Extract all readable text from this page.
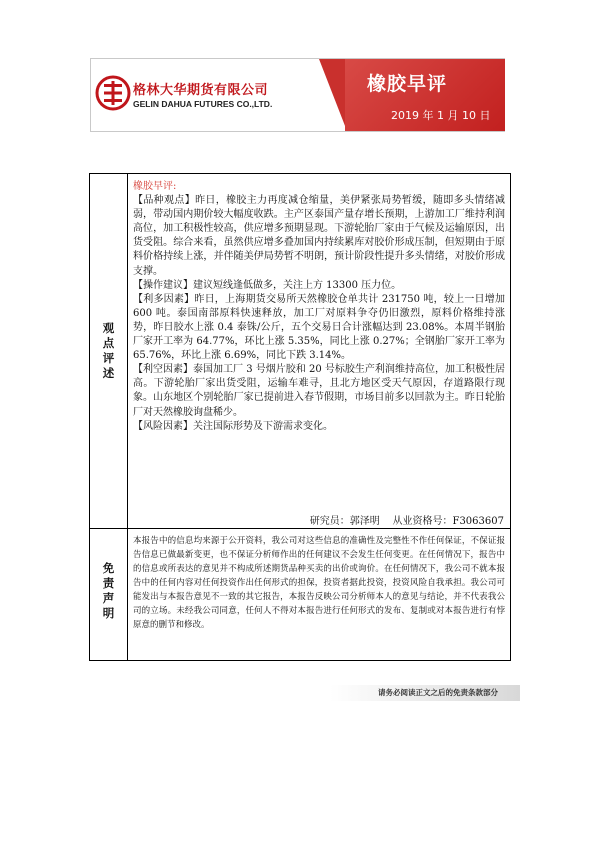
格林大华期货有限公司
GELIN DAHUA FUTURES CO.,LTD.
橡胶早评
2019 年 1 月 10 日
观
点
评
述

橡胶早评:

【品种观点】昨日，橡胶主力再度减仓缩量，美伊紧张局势暂缓，随即多头情绪减弱，带动国内期价较大幅度收跌。主产区泰国产量存增长预期，上游加工厂维持利润高位，加工积极性较高，供应增多预期显现。下游轮胎厂家由于气候及运输原因，出货受阻。综合来看，虽然供应增多叠加国内持续累库对胶价形成压制，但短期由于原料价格持续上涨，并伴随美伊局势暂不明朗，预计阶段性提升多头情绪，对胶价形成支撑。

【操作建议】建议短线逢低做多，关注上方 13300 压力位。

【利多因素】昨日，上海期货交易所天然橡胶仓单共计 231750 吨，较上一日增加 600 吨。泰国南部原料快速释放，加工厂对原料争夺仍旧激烈，原料价格维持涨势，昨日胶水上涨 0.4 泰铢/公斤，五个交易日合计涨幅达到 23.08%。本周半钢胎厂家开工率为 64.77%，环比上涨 5.35%，同比上涨 0.27%；全钢胎厂家开工率为 65.76%，环比上涨 6.69%，同比下跌 3.14%。

【利空因素】泰国加工厂 3 号烟片胶和 20 号标胶生产利润维持高位，加工积极性居高。下游轮胎厂家出货受阻，运输车难寻，且北方地区受天气原因，存道路限行现象。山东地区个别轮胎厂家已提前进入春节假期，市场目前多以回款为主。昨日轮胎厂对天然橡胶询盘稀少。

【风险因素】关注国际形势及下游需求变化。

研究员：郭泽明    从业资格号：F3063607
免
责
声
明
本报告中的信息均来源于公开资料，我公司对这些信息的准确性及完整性不作任何保证，不保证报告信息已做最新变更，也不保证分析师作出的任何建议不会发生任何变更。在任何情况下，报告中的信息或所表达的意见并不构成所述期货品种买卖的出价或询价。在任何情况下，我公司不就本报告中的任何内容对任何投资作出任何形式的担保，投资者据此投资，投资风险自我承担。我公司可能发出与本报告意见不一致的其它报告，本报告反映公司分析师本人的意见与结论，并不代表我公司的立场。未经我公司同意，任何人不得对本报告进行任何形式的发布、复制或对本报告进行有悖原意的删节和修改。
请务必阅读正文之后的免责条款部分
